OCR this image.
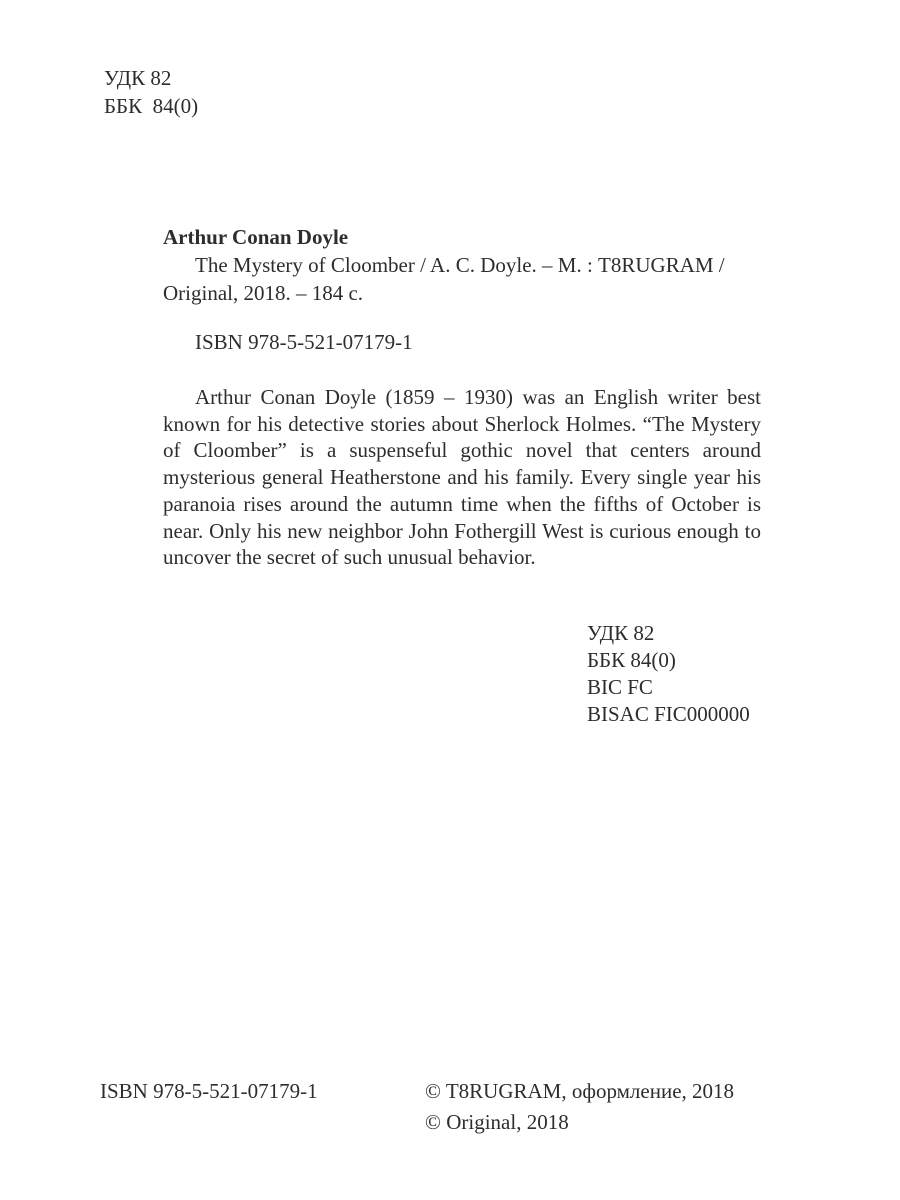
УДК 82
ББК  84(0)
Arthur Conan Doyle
The Mystery of Cloomber / A. C. Doyle. – М. : T8RUGRAM / Original, 2018. – 184 с.
ISBN 978-5-521-07179-1
Arthur Conan Doyle (1859 – 1930) was an English writer best known for his detective stories about Sherlock Holmes. “The Mystery of Cloomber” is a suspenseful gothic novel that centers around mysterious general Heatherstone and his family. Every single year his paranoia rises around the autumn time when the fifths of October is near. Only his new neighbor John Fothergill West is curious enough to uncover the secret of such unusual behavior.
УДК 82
ББК 84(0)
BIC FC
BISAC FIC000000
ISBN 978-5-521-07179-1	© T8RUGRAM, оформление, 2018
© Original, 2018
